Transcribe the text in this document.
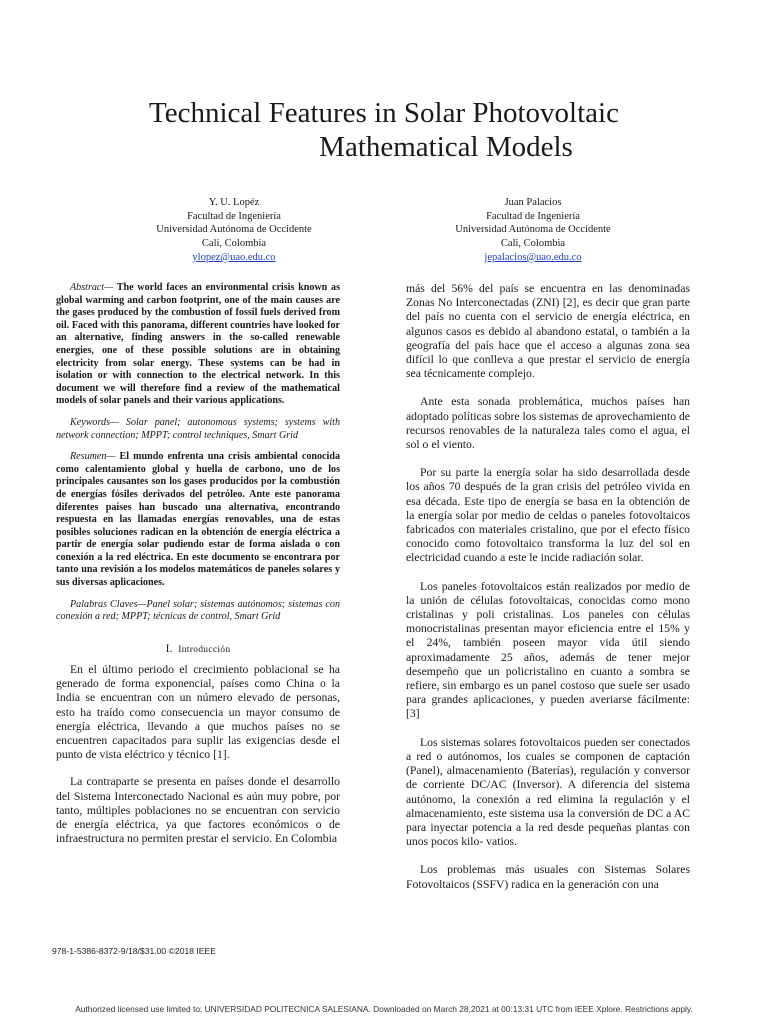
Technical Features in Solar Photovoltaic
Mathematical Models
Y. U. Lopéz
Facultad de Ingeniería
Universidad Autónoma de Occidente
Cali, Colombia
ylopez@uao.edu.co
Juan Palacios
Facultad de Ingeniería
Universidad Autónoma de Occidente
Cali, Colombia
jepalacios@uao.edu.co

Abstract— The world faces an environmental crisis known as global warming and carbon footprint, one of the main causes are the gases produced by the combustion of fossil fuels derived from oil. Faced with this panorama, different countries have looked for an alternative, finding answers in the so-called renewable energies, one of these possible solutions are in obtaining electricity from solar energy. These systems can be had in isolation or with connection to the electrical network. In this document we will therefore find a review of the mathematical models of solar panels and their various applications.

Keywords— Solar panel; autonomous systems; systems with network connection; MPPT; control techniques, Smart Grid

Resumen— El mundo enfrenta una crisis ambiental conocida como calentamiento global y huella de carbono, uno de los principales causantes son los gases producidos por la combustión de energías fósiles derivados del petróleo. Ante este panorama diferentes países han buscado una alternativa, encontrando respuesta en las llamadas energías renovables, una de estas posibles soluciones radican en la obtención de energía eléctrica a partir de energía solar pudiendo estar de forma aislada o con conexión a la red eléctrica. En este documento se encontrara por tanto una revisión a los modelos matemáticos de paneles solares y sus diversas aplicaciones.

Palabras Claves—Panel solar; sistemas autónomos; sistemas con conexión a red; MPPT; técnicas de control, Smart Grid

I. Introducción

En el último periodo el crecimiento poblacional se ha generado de forma exponencial, países como China o la India se encuentran con un número elevado de personas, esto ha traído como consecuencia un mayor consumo de energía eléctrica, llevando a que muchos países no se encuentren capacitados para suplir las exigencias desde el punto de vista eléctrico y técnico [1].

La contraparte se presenta en países donde el desarrollo del Sistema Interconectado Nacional es aún muy pobre, por tanto, múltiples poblaciones no se encuentran con servicio de energía eléctrica, ya que factores económicos o de infraestructura no permiten prestar el servicio. En Colombia

más del 56% del país se encuentra en las denominadas Zonas No Interconectadas (ZNI) [2], es decir que gran parte del país no cuenta con el servicio de energía eléctrica, en algunos casos es debido al abandono estatal, o también a la geografía del país hace que el acceso a algunas zona sea difícil lo que conlleva a que prestar el servicio de energía sea técnicamente complejo.

Ante esta sonada problemática, muchos países han adoptado políticas sobre los sistemas de aprovechamiento de recursos renovables de la naturaleza tales como el agua, el sol o el viento.

Por su parte la energía solar ha sido desarrollada desde los años 70 después de la gran crisis del petróleo vivida en esa década. Este tipo de energía se basa en la obtención de la energía solar por medio de celdas o paneles fotovoltaicos fabricados con materiales cristalino, que por el efecto físico conocido como fotovoltaico transforma la luz del sol en electricidad cuando a este le incide radiación solar.

Los paneles fotovoltaicos están realizados por medio de la unión de células fotovoltaicas, conocidas como mono cristalinas y poli cristalinas. Los paneles con células monocristalinas presentan mayor eficiencia entre el 15% y el 24%, también poseen mayor vida útil siendo aproximadamente 25 años, además de tener mejor desempeño que un policristalino en cuanto a sombra se refiere, sin embargo es un panel costoso que suele ser usado para grandes aplicaciones, y pueden averiarse fácilmente: [3]

Los sistemas solares fotovoltaicos pueden ser conectados a red o autónomos, los cuales se componen de captación (Panel), almacenamiento (Baterías), regulación y conversor de corriente DC/AC (Inversor). A diferencia del sistema autónomo, la conexión a red elimina la regulación y el almacenamiento, este sistema usa la conversión de DC a AC para inyectar potencia a la red desde pequeñas plantas con unos pocos kilo- vatios.

Los problemas más usuales con Sistemas Solares Fotovoltaicos (SSFV) radica en la generación con una

978-1-5386-8372-9/18/$31.00 ©2018 IEEE
Authorized licensed use limited to: UNIVERSIDAD POLITECNICA SALESIANA. Downloaded on March 28,2021 at 00:13:31 UTC from IEEE Xplore. Restrictions apply.
